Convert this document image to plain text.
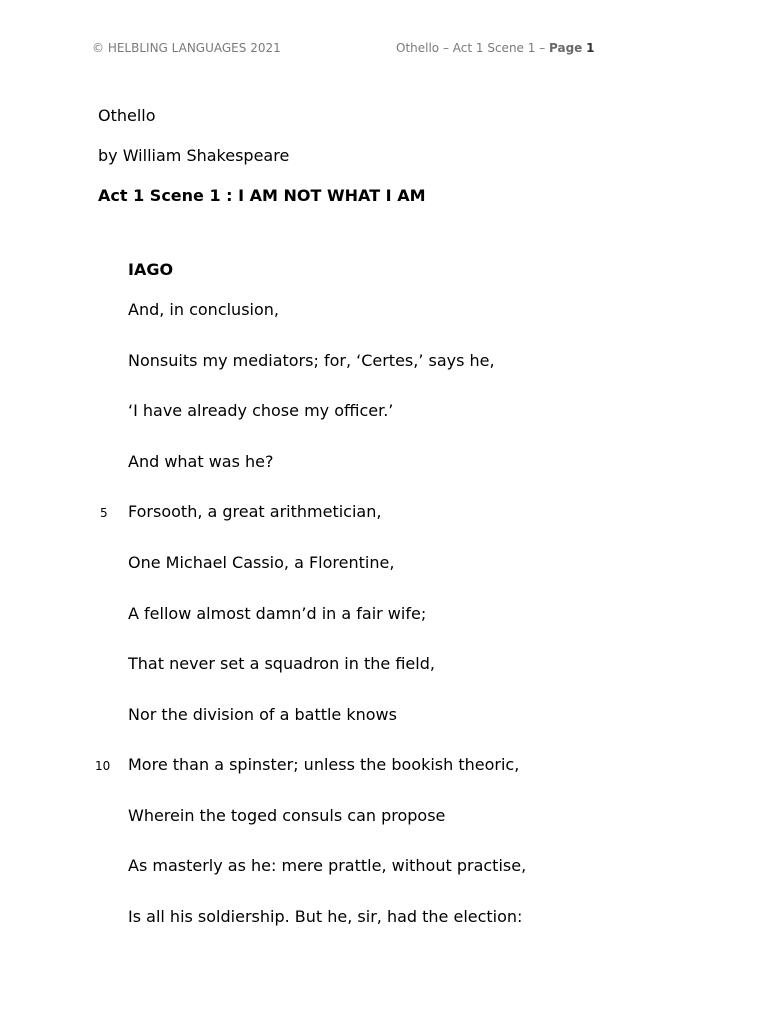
© HELBLING LANGUAGES 2021	Othello – Act 1 Scene 1 – Page 1
Othello
by William Shakespeare
Act 1 Scene 1 : I AM NOT WHAT I AM
IAGO
And, in conclusion,
Nonsuits my mediators; for, ‘Certes,’ says he,
‘I have already chose my officer.’
And what was he?
5 Forsooth, a great arithmetician,
One Michael Cassio, a Florentine,
A fellow almost damn’d in a fair wife;
That never set a squadron in the field,
Nor the division of a battle knows
10 More than a spinster; unless the bookish theoric,
Wherein the toged consuls can propose
As masterly as he: mere prattle, without practise,
Is all his soldiership. But he, sir, had the election:
